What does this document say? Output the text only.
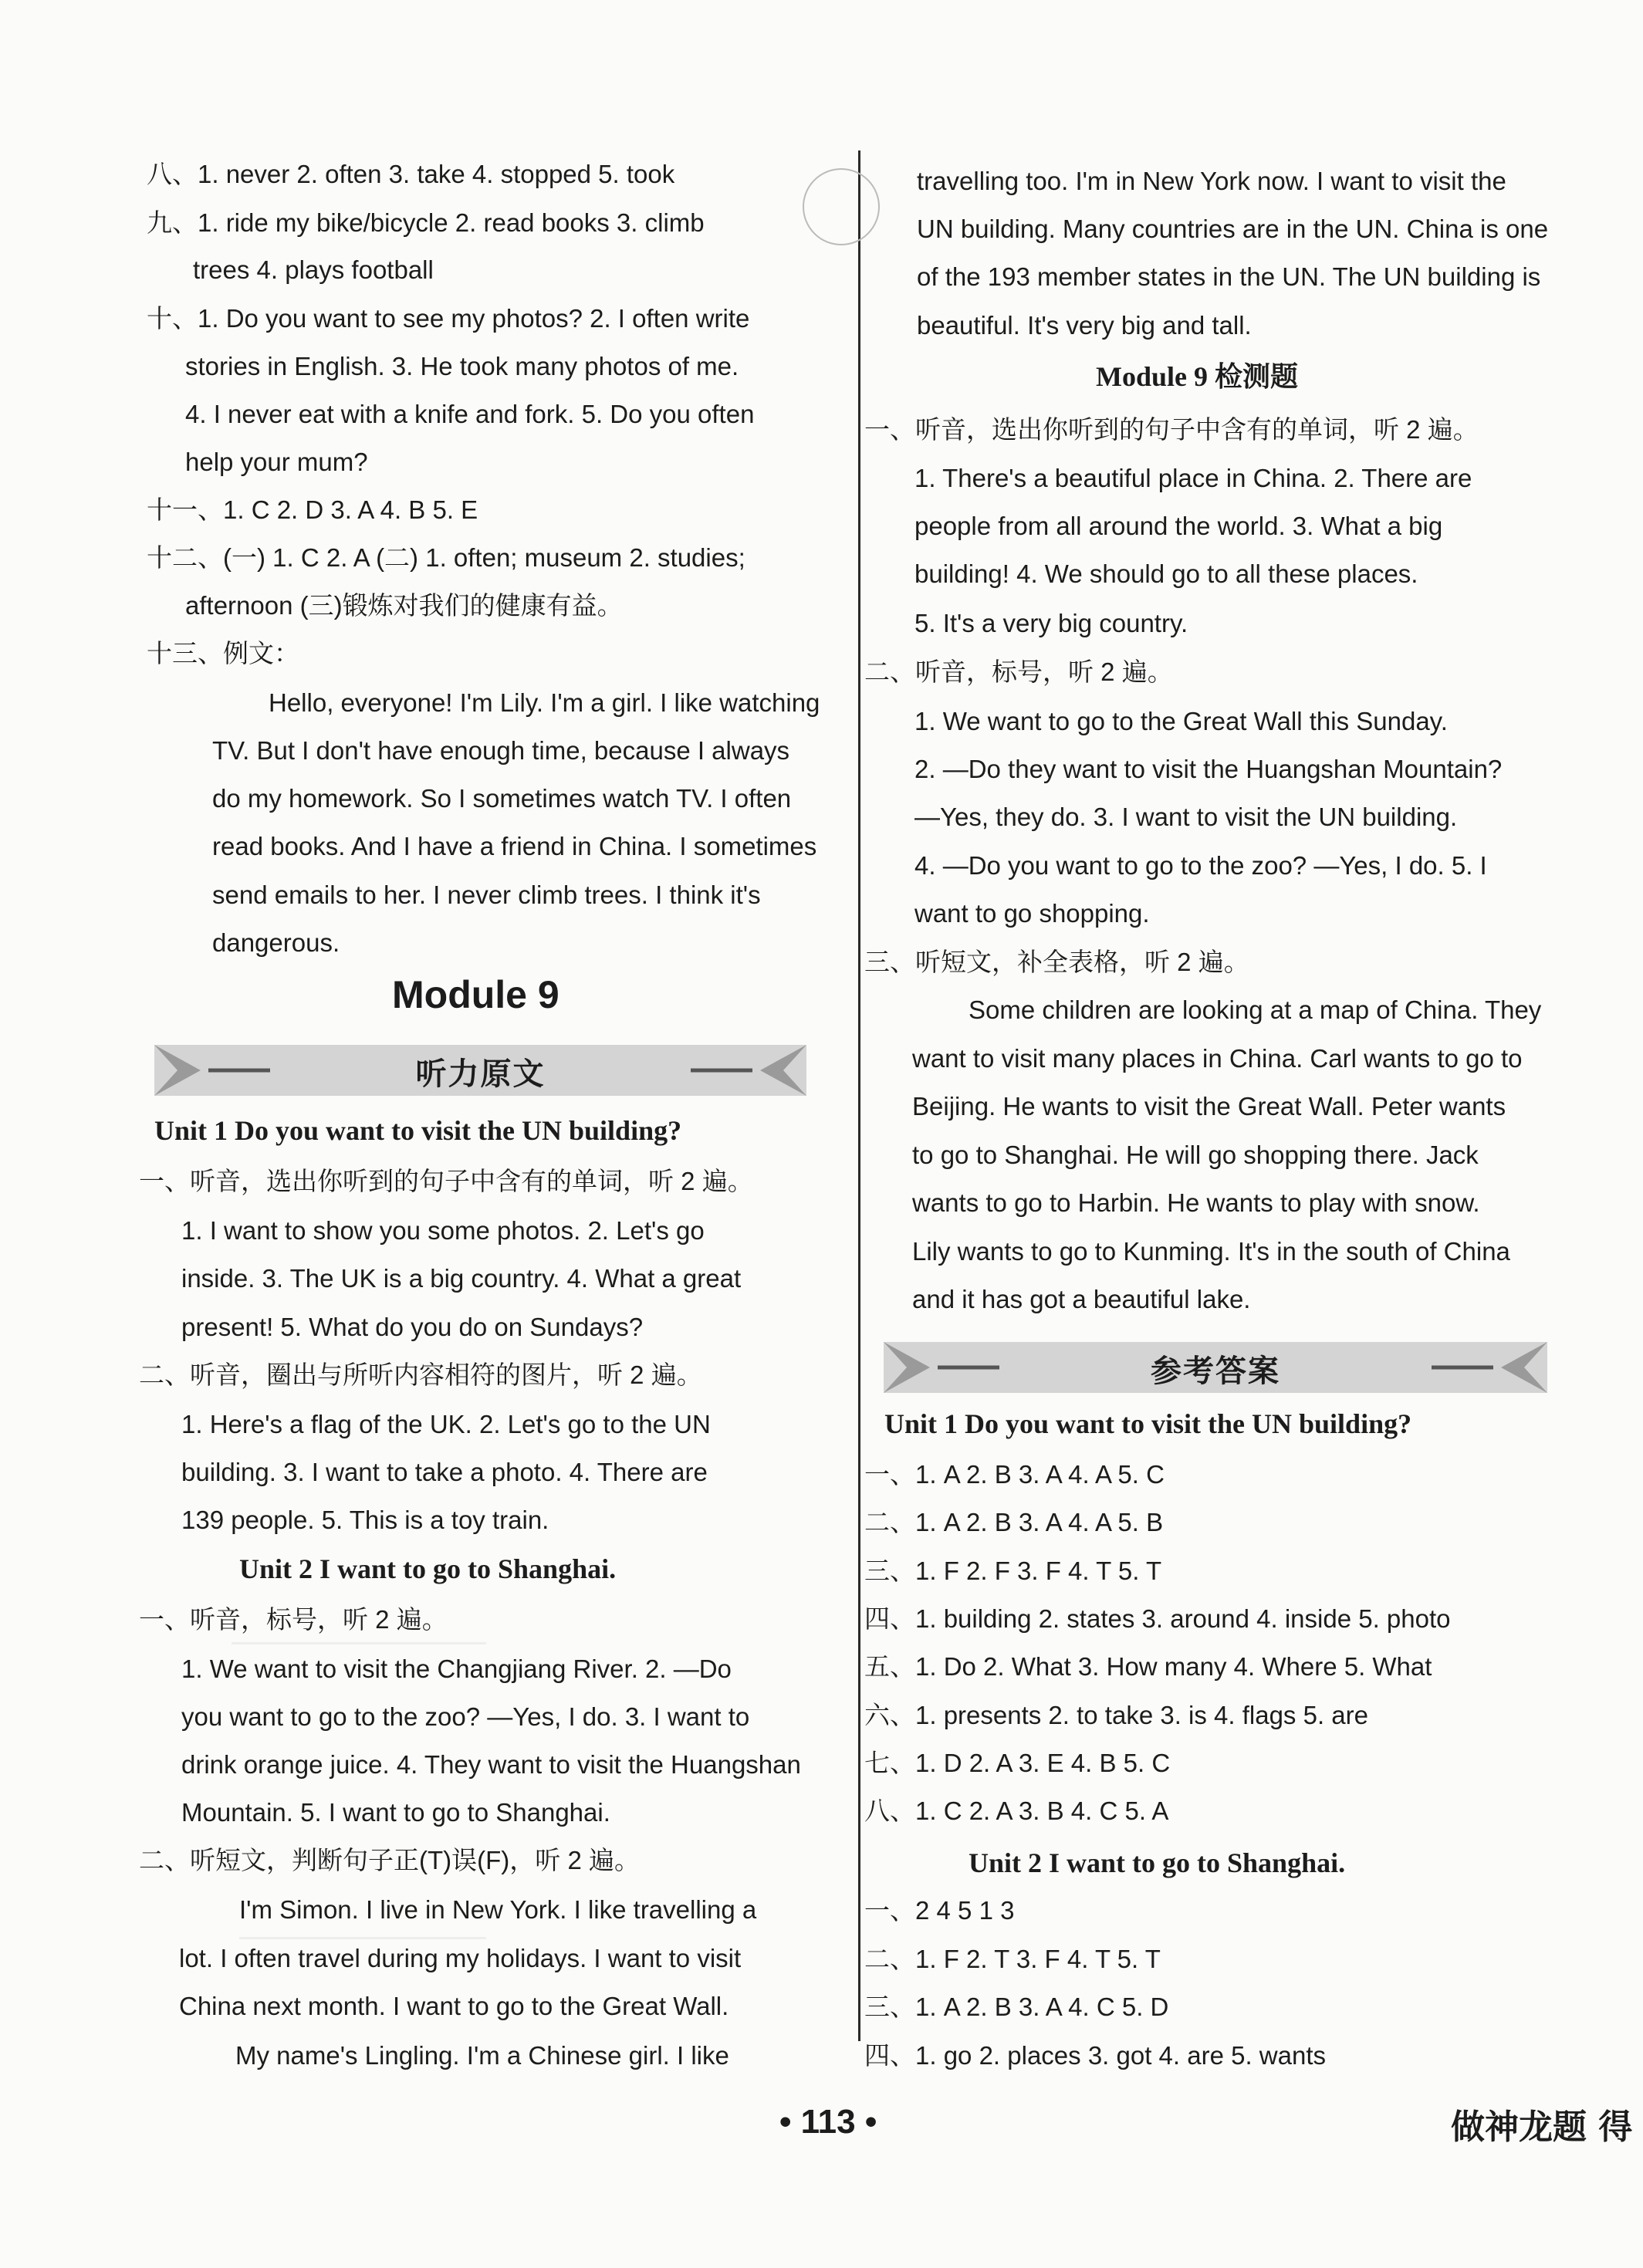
八、1. never 2. often 3. take 4. stopped 5. took
九、1. ride my bike/bicycle 2. read books 3. climb
trees 4. plays football
十、1. Do you want to see my photos? 2. I often write
stories in English. 3. He took many photos of me.
4. I never eat with a knife and fork. 5. Do you often
help your mum?
十一、1. C 2. D 3. A 4. B 5. E
十二、(一) 1. C 2. A (二) 1. often; museum 2. studies;
afternoon (三)锻炼对我们的健康有益。
十三、例文：
Hello, everyone! I'm Lily. I'm a girl. I like watching
TV. But I don't have enough time, because I always
do my homework. So I sometimes watch TV. I often
read books. And I have a friend in China. I sometimes
send emails to her. I never climb trees. I think it's
dangerous.
Module 9
听力原文
Unit 1 Do you want to visit the UN building?
一、听音，选出你听到的句子中含有的单词，听 2 遍。
1. I want to show you some photos. 2. Let's go
inside. 3. The UK is a big country. 4. What a great
present! 5. What do you do on Sundays?
二、听音，圈出与所听内容相符的图片，听 2 遍。
1. Here's a flag of the UK. 2. Let's go to the UN
building. 3. I want to take a photo. 4. There are
139 people. 5. This is a toy train.
Unit 2 I want to go to Shanghai.
一、听音，标号，听 2 遍。
1. We want to visit the Changjiang River. 2. —Do
you want to go to the zoo? —Yes, I do. 3. I want to
drink orange juice. 4. They want to visit the Huangshan
Mountain. 5. I want to go to Shanghai.
二、听短文，判断句子正(T)误(F)，听 2 遍。
I'm Simon. I live in New York. I like travelling a
lot. I often travel during my holidays. I want to visit
China next month. I want to go to the Great Wall.
My name's Lingling. I'm a Chinese girl. I like
travelling too. I'm in New York now. I want to visit the
UN building. Many countries are in the UN. China is one
of the 193 member states in the UN. The UN building is
beautiful. It's very big and tall.
Module 9 检测题
一、听音，选出你听到的句子中含有的单词，听 2 遍。
1. There's a beautiful place in China. 2. There are
people from all around the world. 3. What a big
building! 4. We should go to all these places.
5. It's a very big country.
二、听音，标号，听 2 遍。
1. We want to go to the Great Wall this Sunday.
2. —Do they want to visit the Huangshan Mountain?
—Yes, they do. 3. I want to visit the UN building.
4. —Do you want to go to the zoo? —Yes, I do. 5. I
want to go shopping.
三、听短文，补全表格，听 2 遍。
Some children are looking at a map of China. They
want to visit many places in China. Carl wants to go to
Beijing. He wants to visit the Great Wall. Peter wants
to go to Shanghai. He will go shopping there. Jack
wants to go to Harbin. He wants to play with snow.
Lily wants to go to Kunming. It's in the south of China
and it has got a beautiful lake.
参考答案
Unit 1 Do you want to visit the UN building?
一、1. A 2. B 3. A 4. A 5. C
二、1. A 2. B 3. A 4. A 5. B
三、1. F 2. F 3. F 4. T 5. T
四、1. building 2. states 3. around 4. inside 5. photo
五、1. Do 2. What 3. How many 4. Where 5. What
六、1. presents 2. to take 3. is 4. flags 5. are
七、1. D 2. A 3. E 4. B 5. C
八、1. C 2. A 3. B 4. C 5. A
Unit 2 I want to go to Shanghai.
一、2 4 5 1 3
二、1. F 2. T 3. F 4. T 5. T
三、1. A 2. B 3. A 4. C 5. D
四、1. go 2. places 3. got 4. are 5. wants
• 113 •	做神龙题 得
